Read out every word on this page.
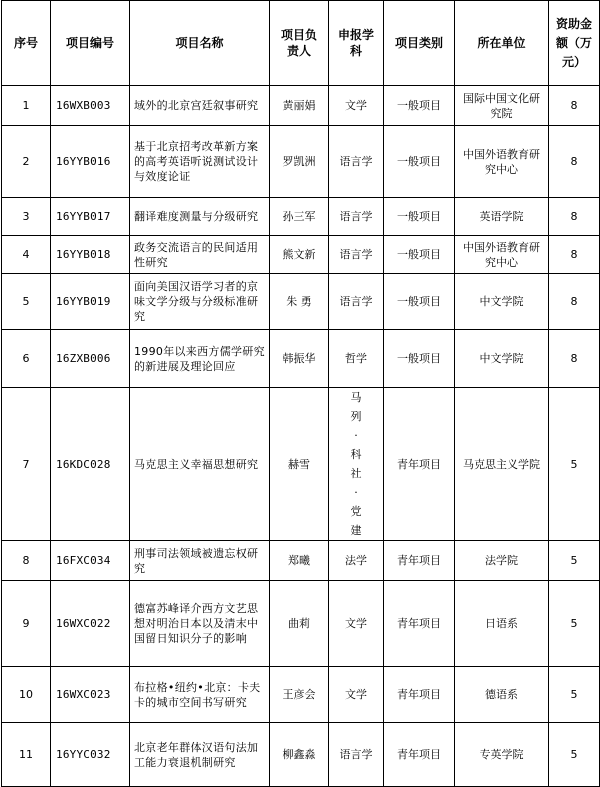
序号	项目编号	项目名称	项目负责人	申报学科	项目类别	所在单位	资助金额（万元）

1	16WXB003	域外的北京宫廷叙事研究	黄丽娟	文学	一般项目	国际中国文化研究院	8
2	16YYB016	基于北京招考改革新方案的高考英语听说测试设计与效度论证	罗凯洲	语言学	一般项目	中国外语教育研究中心	8
3	16YYB017	翻译难度测量与分级研究	孙三军	语言学	一般项目	英语学院	8
4	16YYB018	政务交流语言的民间适用性研究	熊文新	语言学	一般项目	中国外语教育研究中心	8
5	16YYB019	面向美国汉语学习者的京味文学分级与分级标准研究	朱 勇	语言学	一般项目	中文学院	8
6	16ZXB006	1990年以来西方儒学研究的新进展及理论回应	韩振华	哲学	一般项目	中文学院	8
7	16KDC028	马克思主义幸福思想研究	赫雪	马列·科社·党建	青年项目	马克思主义学院	5
8	16FXC034	刑事司法领域被遗忘权研究	郑曦	法学	青年项目	法学院	5
9	16WXC022	德富苏峰译介西方文艺思想对明治日本以及清末中国留日知识分子的影响	曲莉	文学	青年项目	日语系	5
10	16WXC023	布拉格•纽约•北京：卡夫卡的城市空间书写研究	王彦会	文学	青年项目	德语系	5
11	16YYC032	北京老年群体汉语句法加工能力衰退机制研究	柳鑫淼	语言学	青年项目	专英学院	5
